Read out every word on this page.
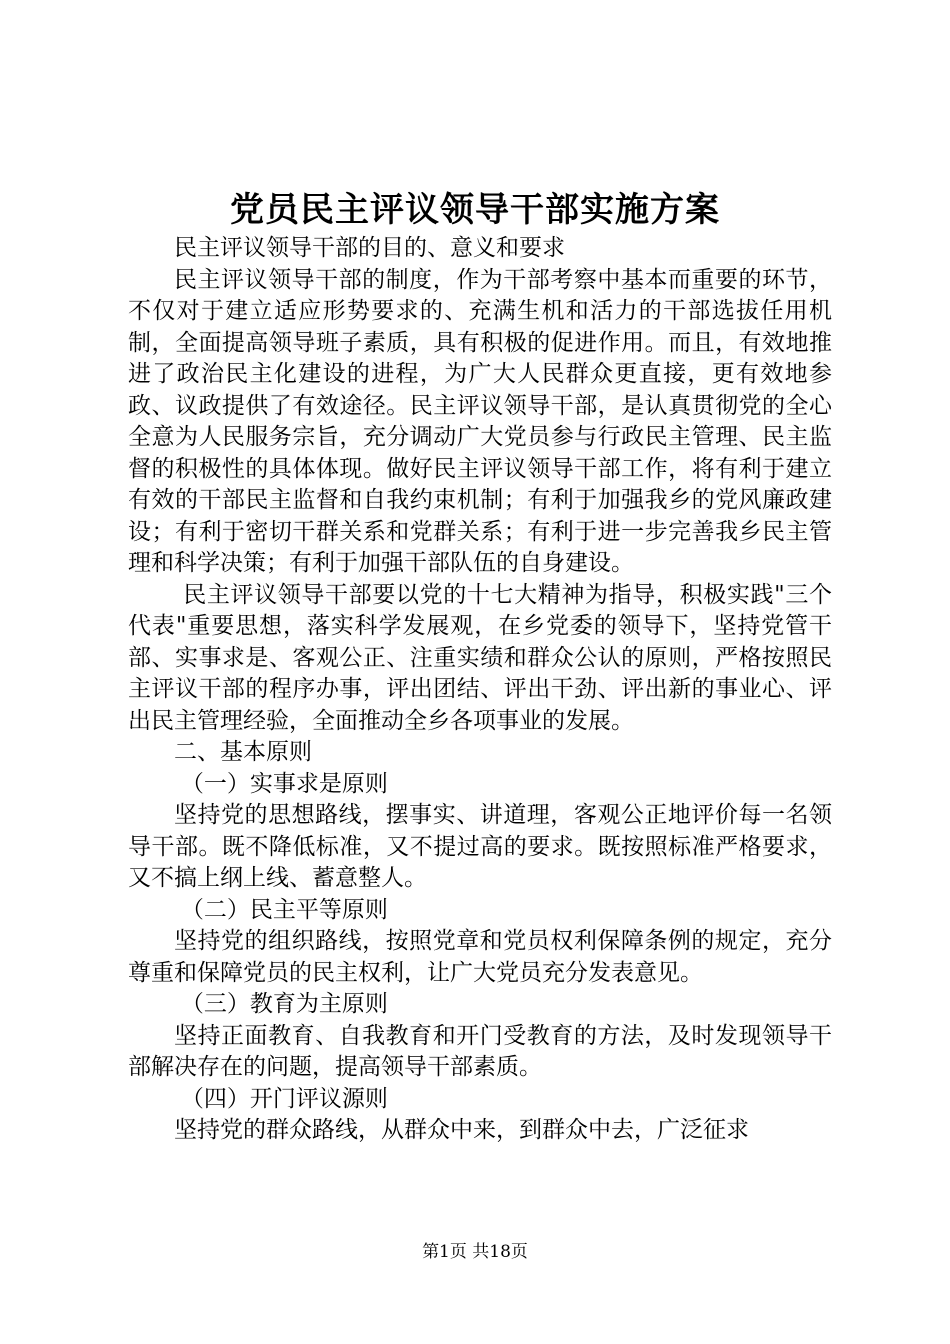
党员民主评议领导干部实施方案

民主评议领导干部的目的、意义和要求

民主评议领导干部的制度，作为干部考察中基本而重要的环节，不仅对于建立适应形势要求的、充满生机和活力的干部选拔任用机制，全面提高领导班子素质，具有积极的促进作用。而且，有效地推进了政治民主化建设的进程，为广大人民群众更直接，更有效地参政、议政提供了有效途径。民主评议领导干部，是认真贯彻党的全心全意为人民服务宗旨，充分调动广大党员参与行政民主管理、民主监督的积极性的具体体现。做好民主评议领导干部工作，将有利于建立有效的干部民主监督和自我约束机制；有利于加强我乡的党风廉政建设；有利于密切干群关系和党群关系；有利于进一步完善我乡民主管理和科学决策；有利于加强干部队伍的自身建设。

民主评议领导干部要以党的十七大精神为指导，积极实践"三个代表"重要思想，落实科学发展观，在乡党委的领导下，坚持党管干部、实事求是、客观公正、注重实绩和群众公认的原则，严格按照民主评议干部的程序办事，评出团结、评出干劲、评出新的事业心、评出民主管理经验，全面推动全乡各项事业的发展。

二、基本原则

（一）实事求是原则

坚持党的思想路线，摆事实、讲道理，客观公正地评价每一名领导干部。既不降低标准，又不提过高的要求。既按照标准严格要求，又不搞上纲上线、蓄意整人。

（二）民主平等原则

坚持党的组织路线，按照党章和党员权利保障条例的规定，充分尊重和保障党员的民主权利，让广大党员充分发表意见。

（三）教育为主原则

坚持正面教育、自我教育和开门受教育的方法，及时发现领导干部解决存在的问题，提高领导干部素质。

（四）开门评议源则

坚持党的群众路线，从群众中来，到群众中去，广泛征求

第1页 共18页
